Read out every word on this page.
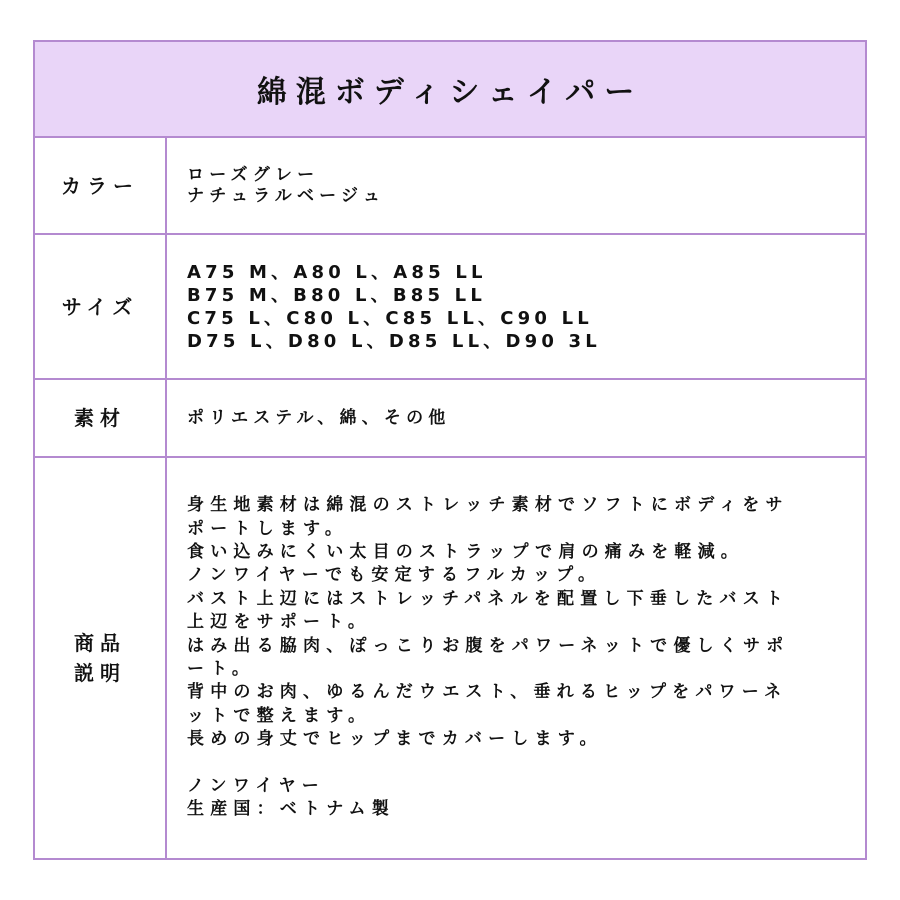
綿混ボディシェイパー
カラー	ローズグレー
ナチュラルベージュ
サイズ
A75 M、A80 L、A85 LL
B75 M、B80 L、B85 LL
C75 L、C80 L、C85 LL、C90 LL
D75 L、D80 L、D85 LL、D90 3L
素材	ポリエステル、綿、その他
商品
説明
身生地素材は綿混のストレッチ素材でソフトにボディをサ
ポートします。
食い込みにくい太目のストラップで肩の痛みを軽減。
ノンワイヤーでも安定するフルカップ。
バスト上辺にはストレッチパネルを配置し下垂したバスト
上辺をサポート。
はみ出る脇肉、ぽっこりお腹をパワーネットで優しくサポ
ート。
背中のお肉、ゆるんだウエスト、垂れるヒップをパワーネ
ットで整えます。
長めの身丈でヒップまでカバーします。
ノンワイヤー
生産国：ベトナム製
